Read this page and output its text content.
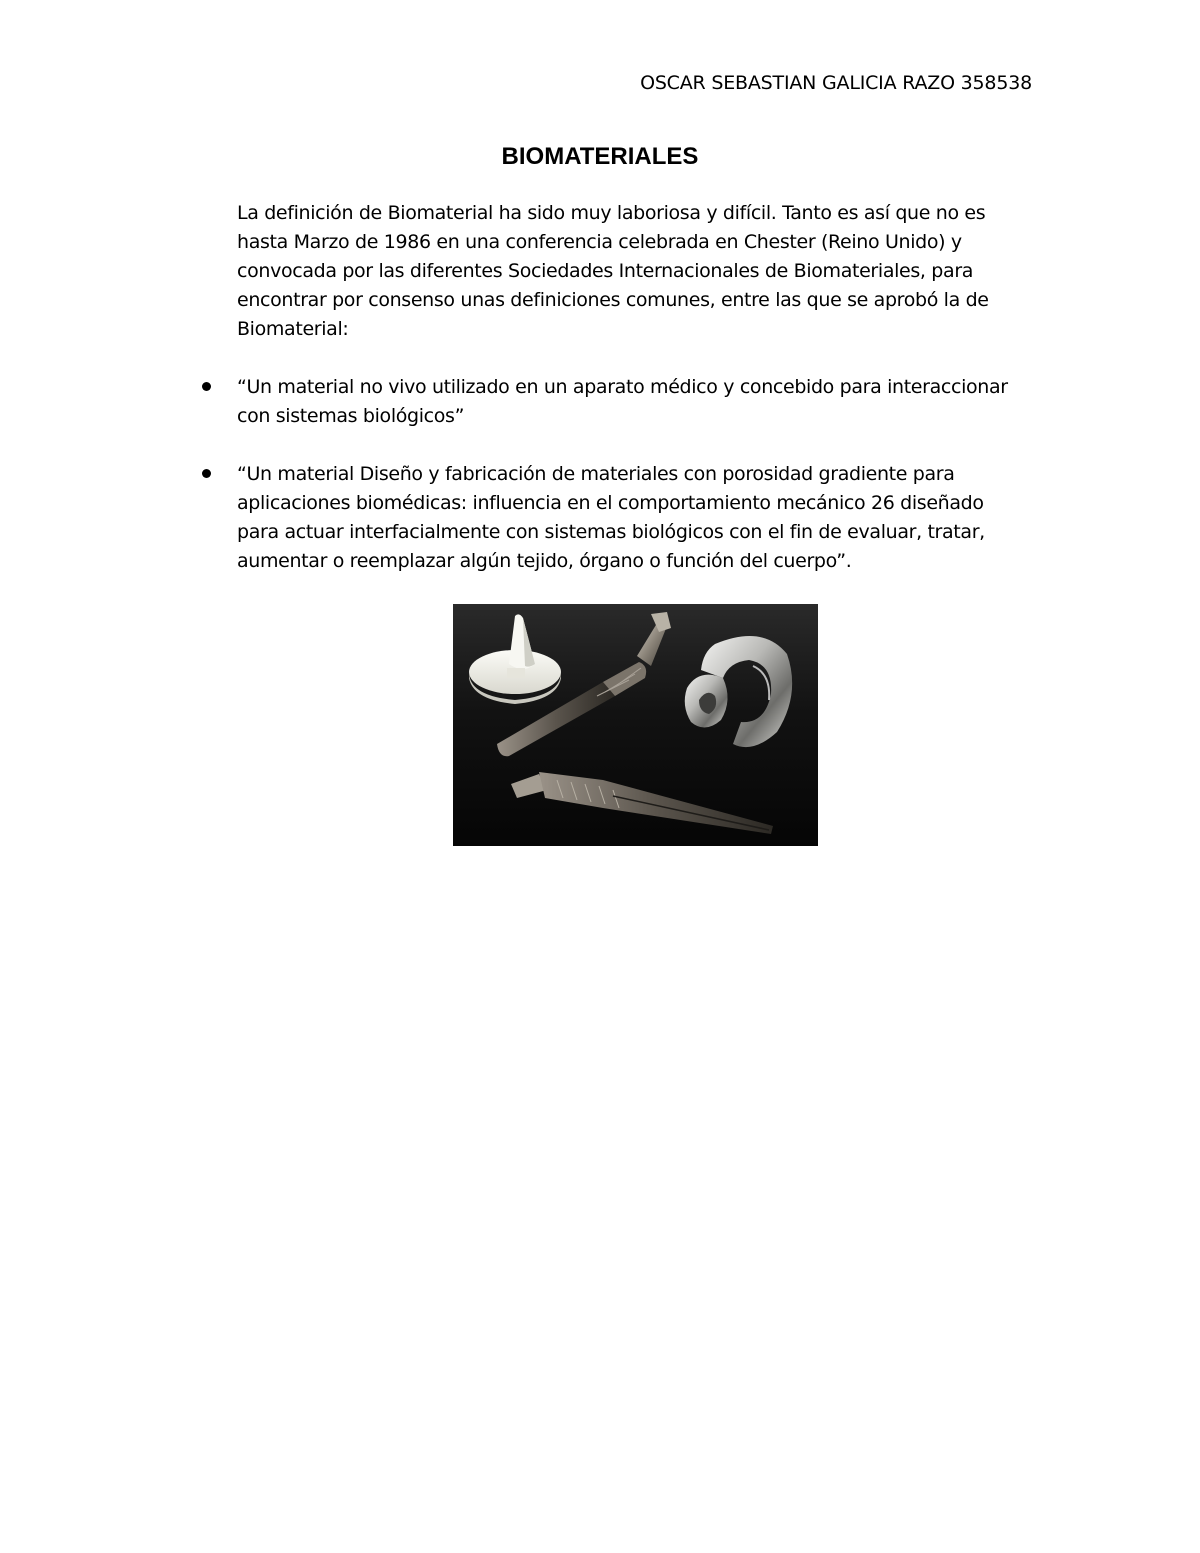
OSCAR SEBASTIAN GALICIA RAZO 358538
BIOMATERIALES

La definición de Biomaterial ha sido muy laboriosa y difícil. Tanto es así que no es hasta Marzo de 1986 en una conferencia celebrada en Chester (Reino Unido) y convocada por las diferentes Sociedades Internacionales de Biomateriales, para encontrar por consenso unas definiciones comunes, entre las que se aprobó la de Biomaterial:

“Un material no vivo utilizado en un aparato médico y concebido para interaccionar con sistemas biológicos”
“Un material Diseño y fabricación de materiales con porosidad gradiente para aplicaciones biomédicas: influencia en el comportamiento mecánico 26 diseñado para actuar interfacialmente con sistemas biológicos con el fin de evaluar, tratar, aumentar o reemplazar algún tejido, órgano o función del cuerpo”.
